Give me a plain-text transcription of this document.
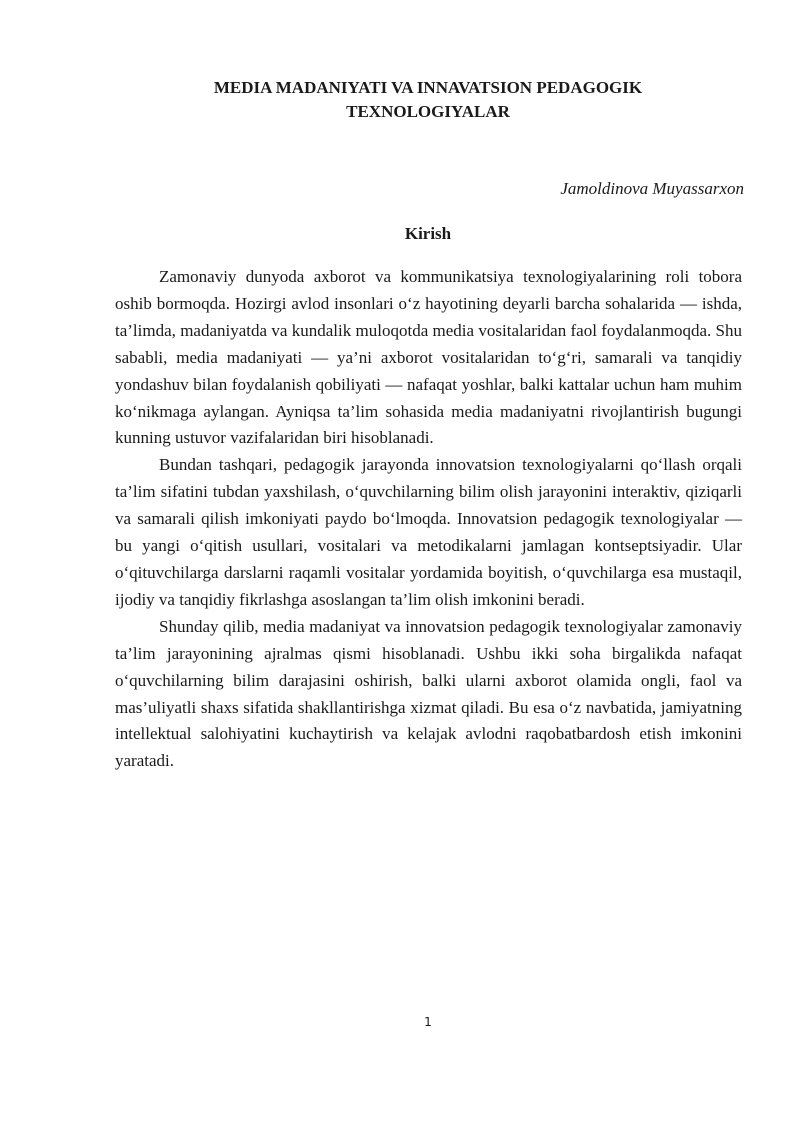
MEDIA MADANIYATI VA INNAVATSION PEDAGOGIK
TEXNOLOGIYALAR

Jamoldinova Muyassarxon

Kirish

Zamonaviy dunyoda axborot va kommunikatsiya texnologiyalarining roli tobora oshib bormoqda. Hozirgi avlod insonlari o‘z hayotining deyarli barcha sohalarida — ishda, ta’limda, madaniyatda va kundalik muloqotda media vositalaridan faol foydalanmoqda. Shu sababli, media madaniyati — ya’ni axborot vositalaridan to‘g‘ri, samarali va tanqidiy yondashuv bilan foydalanish qobiliyati — nafaqat yoshlar, balki kattalar uchun ham muhim ko‘nikmaga aylangan. Ayniqsa ta’lim sohasida media madaniyatni rivojlantirish bugungi kunning ustuvor vazifalaridan biri hisoblanadi.

Bundan tashqari, pedagogik jarayonda innovatsion texnologiyalarni qo‘llash orqali ta’lim sifatini tubdan yaxshilash, o‘quvchilarning bilim olish jarayonini interaktiv, qiziqarli va samarali qilish imkoniyati paydo bo‘lmoqda. Innovatsion pedagogik texnologiyalar — bu yangi o‘qitish usullari, vositalari va metodikalarni jamlagan kontseptsiyadir. Ular o‘qituvchilarga darslarni raqamli vositalar yordamida boyitish, o‘quvchilarga esa mustaqil, ijodiy va tanqidiy fikrlashga asoslangan ta’lim olish imkonini beradi.

Shunday qilib, media madaniyat va innovatsion pedagogik texnologiyalar zamonaviy ta’lim jarayonining ajralmas qismi hisoblanadi. Ushbu ikki soha birgalikda nafaqat o‘quvchilarning bilim darajasini oshirish, balki ularni axborot olamida ongli, faol va mas’uliyatli shaxs sifatida shakllantirishga xizmat qiladi. Bu esa o‘z navbatida, jamiyatning intellektual salohiyatini kuchaytirish va kelajak avlodni raqobatbardosh etish imkonini yaratadi.

1
